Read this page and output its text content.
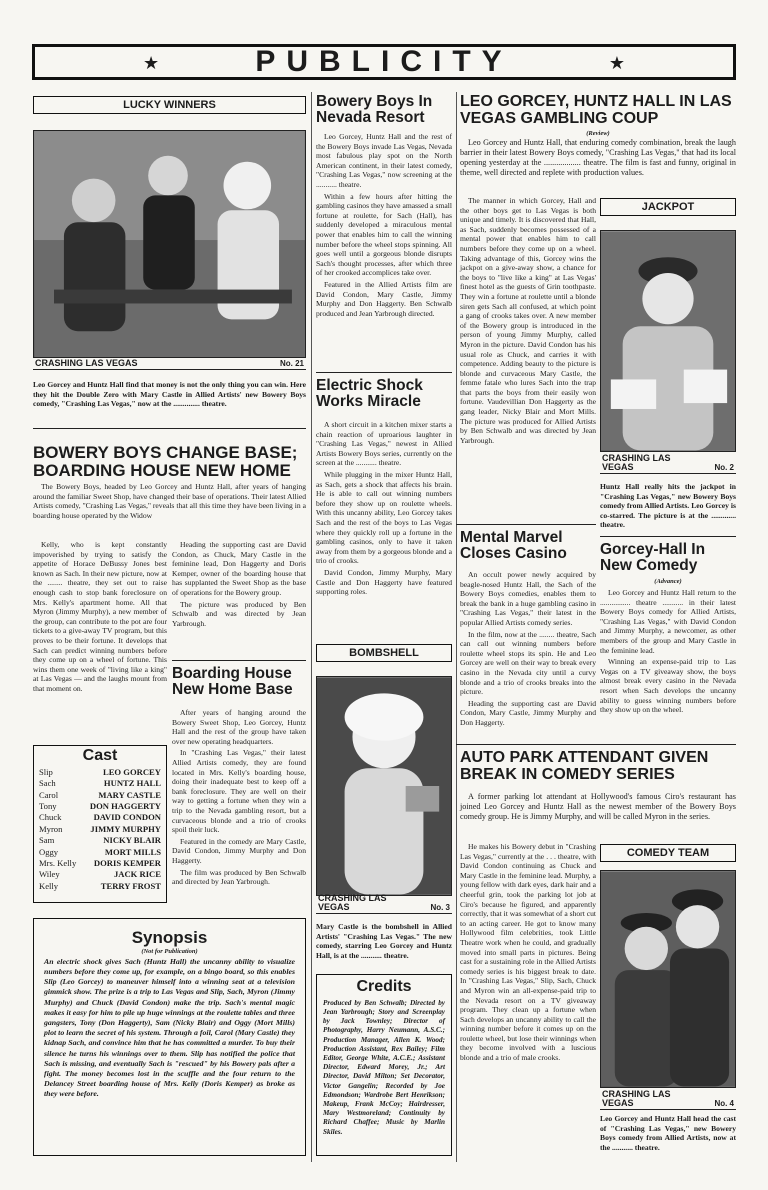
★	PUBLICITY	★
LUCKY WINNERS
CRASHING LAS VEGAS	No. 21
Leo Gorcey and Huntz Hall find that money is not the only thing you can win. Here they hit the Double Zero with Mary Castle in Allied Artists' new Bowery Boys comedy, "Crashing Las Vegas," now at the .............. theatre.
BOWERY BOYS CHANGE BASE; BOARDING HOUSE NEW HOME

The Bowery Boys, headed by Leo Gorcey and Huntz Hall, after years of hanging around the familiar Sweet Shop, have changed their base of operations. Their latest Allied Artists comedy, "Crashing Las Vegas," reveals that all this time they have been living in a boarding house operated by the Widow

Kelly, who is kept constantly impoverished by trying to satisfy the appetite of Horace DeBussy Jones best known as Sach. In their new picture, now at the ........ theatre, they set out to raise enough cash to stop bank foreclosure on Mrs. Kelly's apartment home. All that Myron (Jimmy Murphy), a new member of the group, can contribute to the pot are four tickets to a give-away TV program, but this proves to be their fortune. It develops that Sach can predict winning numbers before they come up on a wheel of fortune. This wins them one week of "living like a king" at Las Vegas — and the laughs mount from that moment on.

Heading the supporting cast are David Condon, as Chuck, Mary Castle in the feminine lead, Don Haggerty and Doris Kemper, owner of the boarding house that has supplanted the Sweet Shop as the base of operations for the Bowery group.

The picture was produced by Ben Schwalb and was directed by Jean Yarbrough.

Cast
Slip	LEO GORCEY
Sach	HUNTZ HALL
Carol	MARY CASTLE
Tony	DON HAGGERTY
Chuck	DAVID CONDON
Myron	JIMMY MURPHY
Sam	NICKY BLAIR
Oggy	MORT MILLS
Mrs. Kelly DORIS KEMPER
Wiley	JACK RICE
Kelly	TERRY FROST
Synopsis
(Not for Publication)
An electric shock gives Sach (Huntz Hall) the uncanny ability to visualize numbers before they come up, for example, on a bingo board, so this enables Slip (Leo Gorcey) to maneuver himself into a winning seat at a television gimmick show. The prize is a trip to Las Vegas and Slip, Sach, Myron (Jimmy Murphy) and Chuck (David Condon) make the trip. Sach's mental magic makes it easy for him to pile up huge winnings at the roulette tables and three gangsters, Tony (Don Haggerty), Sam (Nicky Blair) and Oggy (Mort Mills) plot to learn the secret of his system. Through a foil, Carol (Mary Castle) they kidnap Sach, and convince him that he has committed a murder. To buy their silence he turns his winnings over to them. Slip has notified the police that Sach is missing, and eventually Sach is "rescued" by his Bowery pals after a fight. The money becomes lost in the scuffle and the four return to the Delancey Street boarding house of Mrs. Kelly (Doris Kemper) as broke as they were before.
Bowery Boys In Nevada Resort

Leo Gorcey, Huntz Hall and the rest of the Bowery Boys invade Las Vegas, Nevada most fabulous play spot on the North American continent, in their latest comedy, "Crashing Las Vegas," now screening at the ........... theatre.

Within a few hours after hitting the gambling casinos they have amassed a small fortune at roulette, for Sach (Hall), has suddenly developed a miraculous mental power that enables him to call the winning number before the wheel stops spinning. All goes well until a gorgeous blonde disrupts Sach's thought processes, after which three of her crooked accomplices take over.

Featured in the Allied Artists film are David Condon, Mary Castle, Jimmy Murphy and Don Haggerty. Ben Schwalb produced and Jean Yarbrough directed.

Electric Shock Works Miracle

A short circuit in a kitchen mixer starts a chain reaction of uproarious laughter in "Crashing Las Vegas," newest in Allied Artists Bowery Boys series, currently on the screen at the ........... theatre.

While plugging in the mixer Huntz Hall, as Sach, gets a shock that affects his brain. He is able to call out winning numbers before they show up on roulette wheels. With this uncanny ability, Leo Gorcey takes Sach and the rest of the boys to Las Vegas where they quickly roll up a fortune in the gambling casinos, only to have it taken away from them by a gorgeous blonde and a trio of crooks.

David Condon, Jimmy Murphy, Mary Castle and Don Haggerty have featured supporting roles.

Boarding House New Home Base

After years of hanging around the Bowery Sweet Shop, Leo Gorcey, Huntz Hall and the rest of the group have taken over new operating headquarters.

In "Crashing Las Vegas," their latest Allied Artists comedy, they are found located in Mrs. Kelly's boarding house, doing their inadequate best to keep off a bank foreclosure. They are well on their way to getting a fortune when they win a trip to the Nevada gambling resort, but a curvaceous blonde and a trio of crooks spoil their luck.

Featured in the comedy are Mary Castle, David Condon, Jimmy Murphy and Don Haggerty.

The film was produced by Ben Schwalb and directed by Jean Yarbrough.

BOMBSHELL
CRASHING LAS VEGAS	No. 3
Mary Castle is the bombshell in Allied Artists' "Crashing Las Vegas." The new comedy, starring Leo Gorcey and Huntz Hall, is at the ........... theatre.
Credits
Produced by Ben Schwalb; Directed by Jean Yarbrough; Story and Screenplay by Jack Townley; Director of Photography, Harry Neumann, A.S.C.; Production Manager, Allen K. Wood; Production Assistant, Rex Bailey; Film Editor, George White, A.C.E.; Assistant Director, Edward Morey, Jr.; Art Director, David Milton; Set Decorator, Victor Gangelin; Recorded by Joe Edmondson; Wardrobe Bert Henrikson; Makeup, Frank McCoy; Hairdresser, Mary Westmoreland; Continuity by Richard Chaffee; Music by Marlin Skiles.
LEO GORCEY, HUNTZ HALL IN LAS VEGAS GAMBLING COUP
(Review)

Leo Gorcey and Huntz Hall, that enduring comedy combination, break the laugh barrier in their latest Bowery Boys comedy, "Crashing Las Vegas," that had its local opening yesterday at the .................. theatre. The film is fast and funny, original in theme, well directed and replete with production values.

The manner in which Gorcey, Hall and the other boys get to Las Vegas is both unique and timely. It is discovered that Hall, as Sach, suddenly becomes possessed of a mental power that enables him to call numbers before they come up on a wheel. Taking advantage of this, Gorcey wins the jackpot on a give-away show, a chance for the boys to "live like a king" at Las Vegas' finest hotel as the guests of Grin toothpaste. They win a fortune at roulette until a blonde siren gets Sach all confused, at which point a gang of crooks takes over. A new member of the Bowery group is introduced in the person of young Jimmy Murphy, called Myron in the picture. David Condon has his usual role as Chuck, and carries it with competence. Adding beauty to the picture is blonde and curvaceous Mary Castle, the femme fatale who lures Sach into the trap that parts the boys from their easily won fortune. Vaudevillian Don Haggerty as the gang leader, Nicky Blair and Mort Mills. The picture was produced for Allied Artists by Ben Schwalb and was directed by Jean Yarbrough.

JACKPOT
CRASHING LAS VEGAS	No. 2
Huntz Hall really hits the jackpot in "Crashing Las Vegas," new Bowery Boys comedy from Allied Artists. Leo Gorcey is co-starred. The picture is at the ............. theatre.
Gorcey-Hall In New Comedy
(Advance)

Leo Gorcey and Huntz Hall return to the ................ theatre ........... in their latest Bowery Boys comedy for Allied Artists, "Crashing Las Vegas," with David Condon and Jimmy Murphy, a newcomer, as other members of the group and Mary Castle in the feminine lead.

Winning an expense-paid trip to Las Vegas on a TV giveaway show, the boys almost break every casino in the Nevada resort when Sach develops the uncanny ability to guess winning numbers before they show up on the wheel.

Mental Marvel Closes Casino

An occult power newly acquired by beagle-nosed Huntz Hall, the Sach of the Bowery Boys comedies, enables them to break the bank in a huge gambling casino in "Crashing Las Vegas," their latest in the popular Allied Artists comedy series.

In the film, now at the ........ theatre, Sach can call out winning numbers before roulette wheel stops its spin. He and Leo Gorcey are well on their way to break every casino in the Nevada city until a curvy blonde and a trio of crooks breaks into the picture.

Heading the supporting cast are David Condon, Mary Castle, Jimmy Murphy and Don Haggerty.

AUTO PARK ATTENDANT GIVEN BREAK IN COMEDY SERIES

A former parking lot attendant at Hollywood's famous Ciro's restaurant has joined Leo Gorcey and Huntz Hall as the newest member of the Bowery Boys comedy group. He is Jimmy Murphy, and will be called Myron in the series.

He makes his Bowery debut in "Crashing Las Vegas," currently at the . . . theatre, with David Condon continuing as Chuck and Mary Castle in the feminine lead. Murphy, a young fellow with dark eyes, dark hair and a cheerful grin, took the parking lot job at Ciro's because he figured, and apparently correctly, that it was somewhat of a short cut to an acting career. He got to know many Hollywood film celebrities, took Little Theatre work when he could, and gradually moved into small parts in pictures. Being cast for a sustaining role in the Allied Artists comedy series is his biggest break to date. In "Crashing Las Vegas," Slip, Sach, Chuck and Myron win an all-expense-paid trip to the Nevada resort on a TV giveaway program. They clean up a fortune when Sach develops an uncanny ability to call the winning number before it comes up on the roulette wheel, but lose their winnings when they become involved with a luscious blonde and a trio of male crooks.

COMEDY TEAM
CRASHING LAS VEGAS	No. 4
Leo Gorcey and Huntz Hall head the cast of "Crashing Las Vegas," new Bowery Boys comedy from Allied Artists, now at the ........... theatre.
